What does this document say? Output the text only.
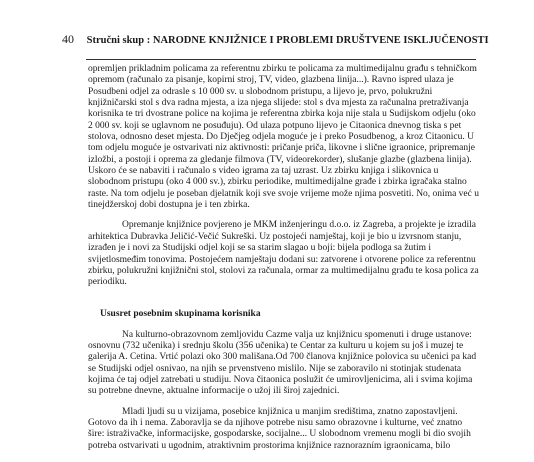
40 Stručni skup : NARODNE KNJIŽNICE I PROBLEMI DRUŠTVENE ISKLJUČENOSTI
opremljen prikladnim policama za referentnu zbirku te policama za multimedijalnu građu s tehničkom
opremom (računalo za pisanje, kopirni stroj, TV, video, glazbena linija...). Ravno ispred ulaza je
Posudbeni odjel za odrasle s 10 000 sv. u slobodnom pristupu, a lijevo je, prvo, polukružni
knjižničarski stol s dva radna mjesta, a iza njega slijede: stol s dva mjesta za računalna pretraživanja
korisnika te tri dvostrane police na kojima je referentna zbirka koja nije stala u Sudijskom odjelu (oko
2 000 sv. koji se uglavnom ne posuđuju). Od ulaza potpuno lijevo je Čitaonica dnevnog tiska s pet
stolova, odnosno deset mjesta. Do Dječjeg odjela moguće je i preko Posudbenog, a kroz Čitaonicu. U
tom odjelu moguće je ostvarivati niz aktivnosti: pričanje priča, likovne i slične igraonice, pripremanje
izložbi, a postoji i oprema za gledanje filmova (TV, videorekorder), slušanje glazbe (glazbena linija).
Uskoro će se nabaviti i računalo s video igrama za taj uzrast. Uz zbirku knjiga i slikovnica u
slobodnom pristupu (oko 4 000 sv.), zbirku periodike, multimedijalne građe i zbirka igračaka stalno
raste. Na tom odjelu je poseban djelatnik koji sve svoje vrijeme može njima posvetiti. No, onima već u
tinejdžerskoj dobi dostupna je i ten zbirka.
Opremanje knjižnice povjereno je MKM inženjeringu d.o.o. iz Zagreba, a projekte je izradila
arhitektica Dubravka Jeličić-Večić Sukreški. Uz postojeći namještaj, koji je bio u izvrsnom stanju,
izrađen je i novi za Studijski odjel koji se sa starim slagao u boji: bijela podloga sa žutim i
svijetlosmeđim tonovima. Postojećem namještaju dodani su: zatvorene i otvorene police za referentnu
zbirku, polukružni knjižnični stol, stolovi za računala, ormar za multimedijalnu građu te kosa polica za
periodiku.
Ususret posebnim skupinama korisnika
Na kulturno-obrazovnom zemljovidu Čazme valja uz knjižnicu spomenuti i druge ustanove:
osnovnu (732 učenika) i srednju školu (356 učenika) te Centar za kulturu u kojem su još i muzej te
galerija A. Cetina. Vrtić polazi oko 300 mališana.Od 700 članova knjižnice polovica su učenici pa kad
se Studijski odjel osnivao, na njih se prvenstveno mislilo. Nije se zaboravilo ni stotinjak studenata
kojima će taj odjel zatrebati u studiju. Nova čitaonica poslužit će umirovljenicima, ali i svima kojima
su potrebne dnevne, aktualne informacije o užoj ili široj zajednici.
Mladi ljudi su u vizijama, posebice knjižnica u manjim središtima, znatno zapostavljeni.
Gotovo da ih i nema. Zaboravlja se da njihove potrebe nisu samo obrazovne i kulturne, već znatno
šire: istraživačke, informacijske, gospodarske, socijalne... U slobodnom vremenu mogli bi dio svojih
potreba ostvarivati u ugodnim, atraktivnim prostorima knjižnice raznorazním igraonicama, bilo
